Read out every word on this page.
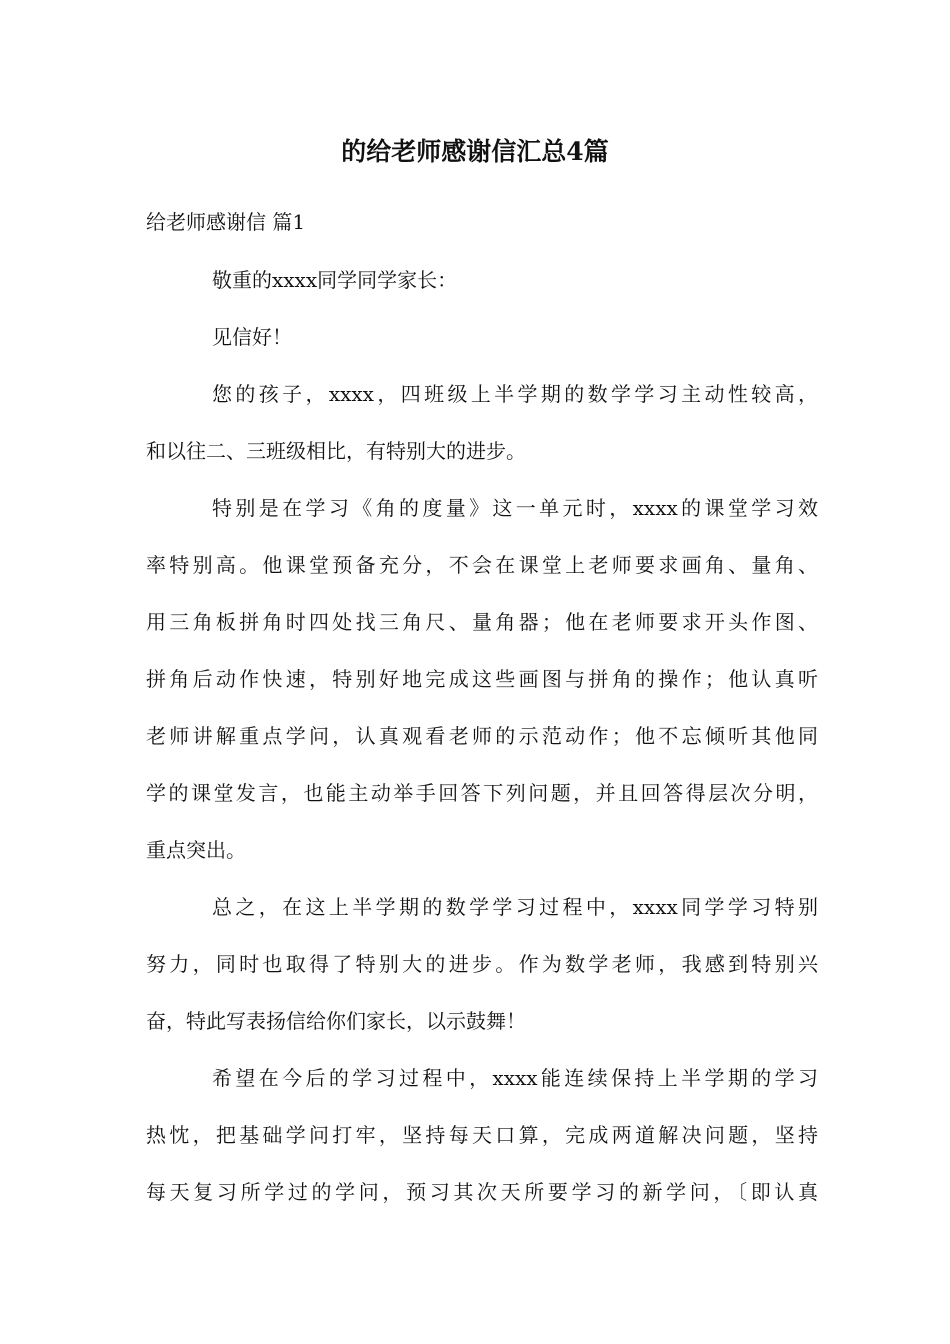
的给老师感谢信汇总4篇
给老师感谢信 篇1

敬重的xxxx同学同学家长：

见信好！

您的孩子，xxxx，四班级上半学期的数学学习主动性较高，

和以往二、三班级相比，有特别大的进步。

特别是在学习《角的度量》这一单元时，xxxx的课堂学习效

率特别高。他课堂预备充分，不会在课堂上老师要求画角、量角、

用三角板拼角时四处找三角尺、量角器；他在老师要求开头作图、

拼角后动作快速，特别好地完成这些画图与拼角的操作；他认真听

老师讲解重点学问，认真观看老师的示范动作；他不忘倾听其他同

学的课堂发言，也能主动举手回答下列问题，并且回答得层次分明，

重点突出。

总之，在这上半学期的数学学习过程中，xxxx同学学习特别

努力，同时也取得了特别大的进步。作为数学老师，我感到特别兴

奋，特此写表扬信给你们家长，以示鼓舞！

希望在今后的学习过程中，xxxx能连续保持上半学期的学习

热忱，把基础学问打牢，坚持每天口算，完成两道解决问题，坚持

每天复习所学过的学问，预习其次天所要学习的新学问，〔即认真
